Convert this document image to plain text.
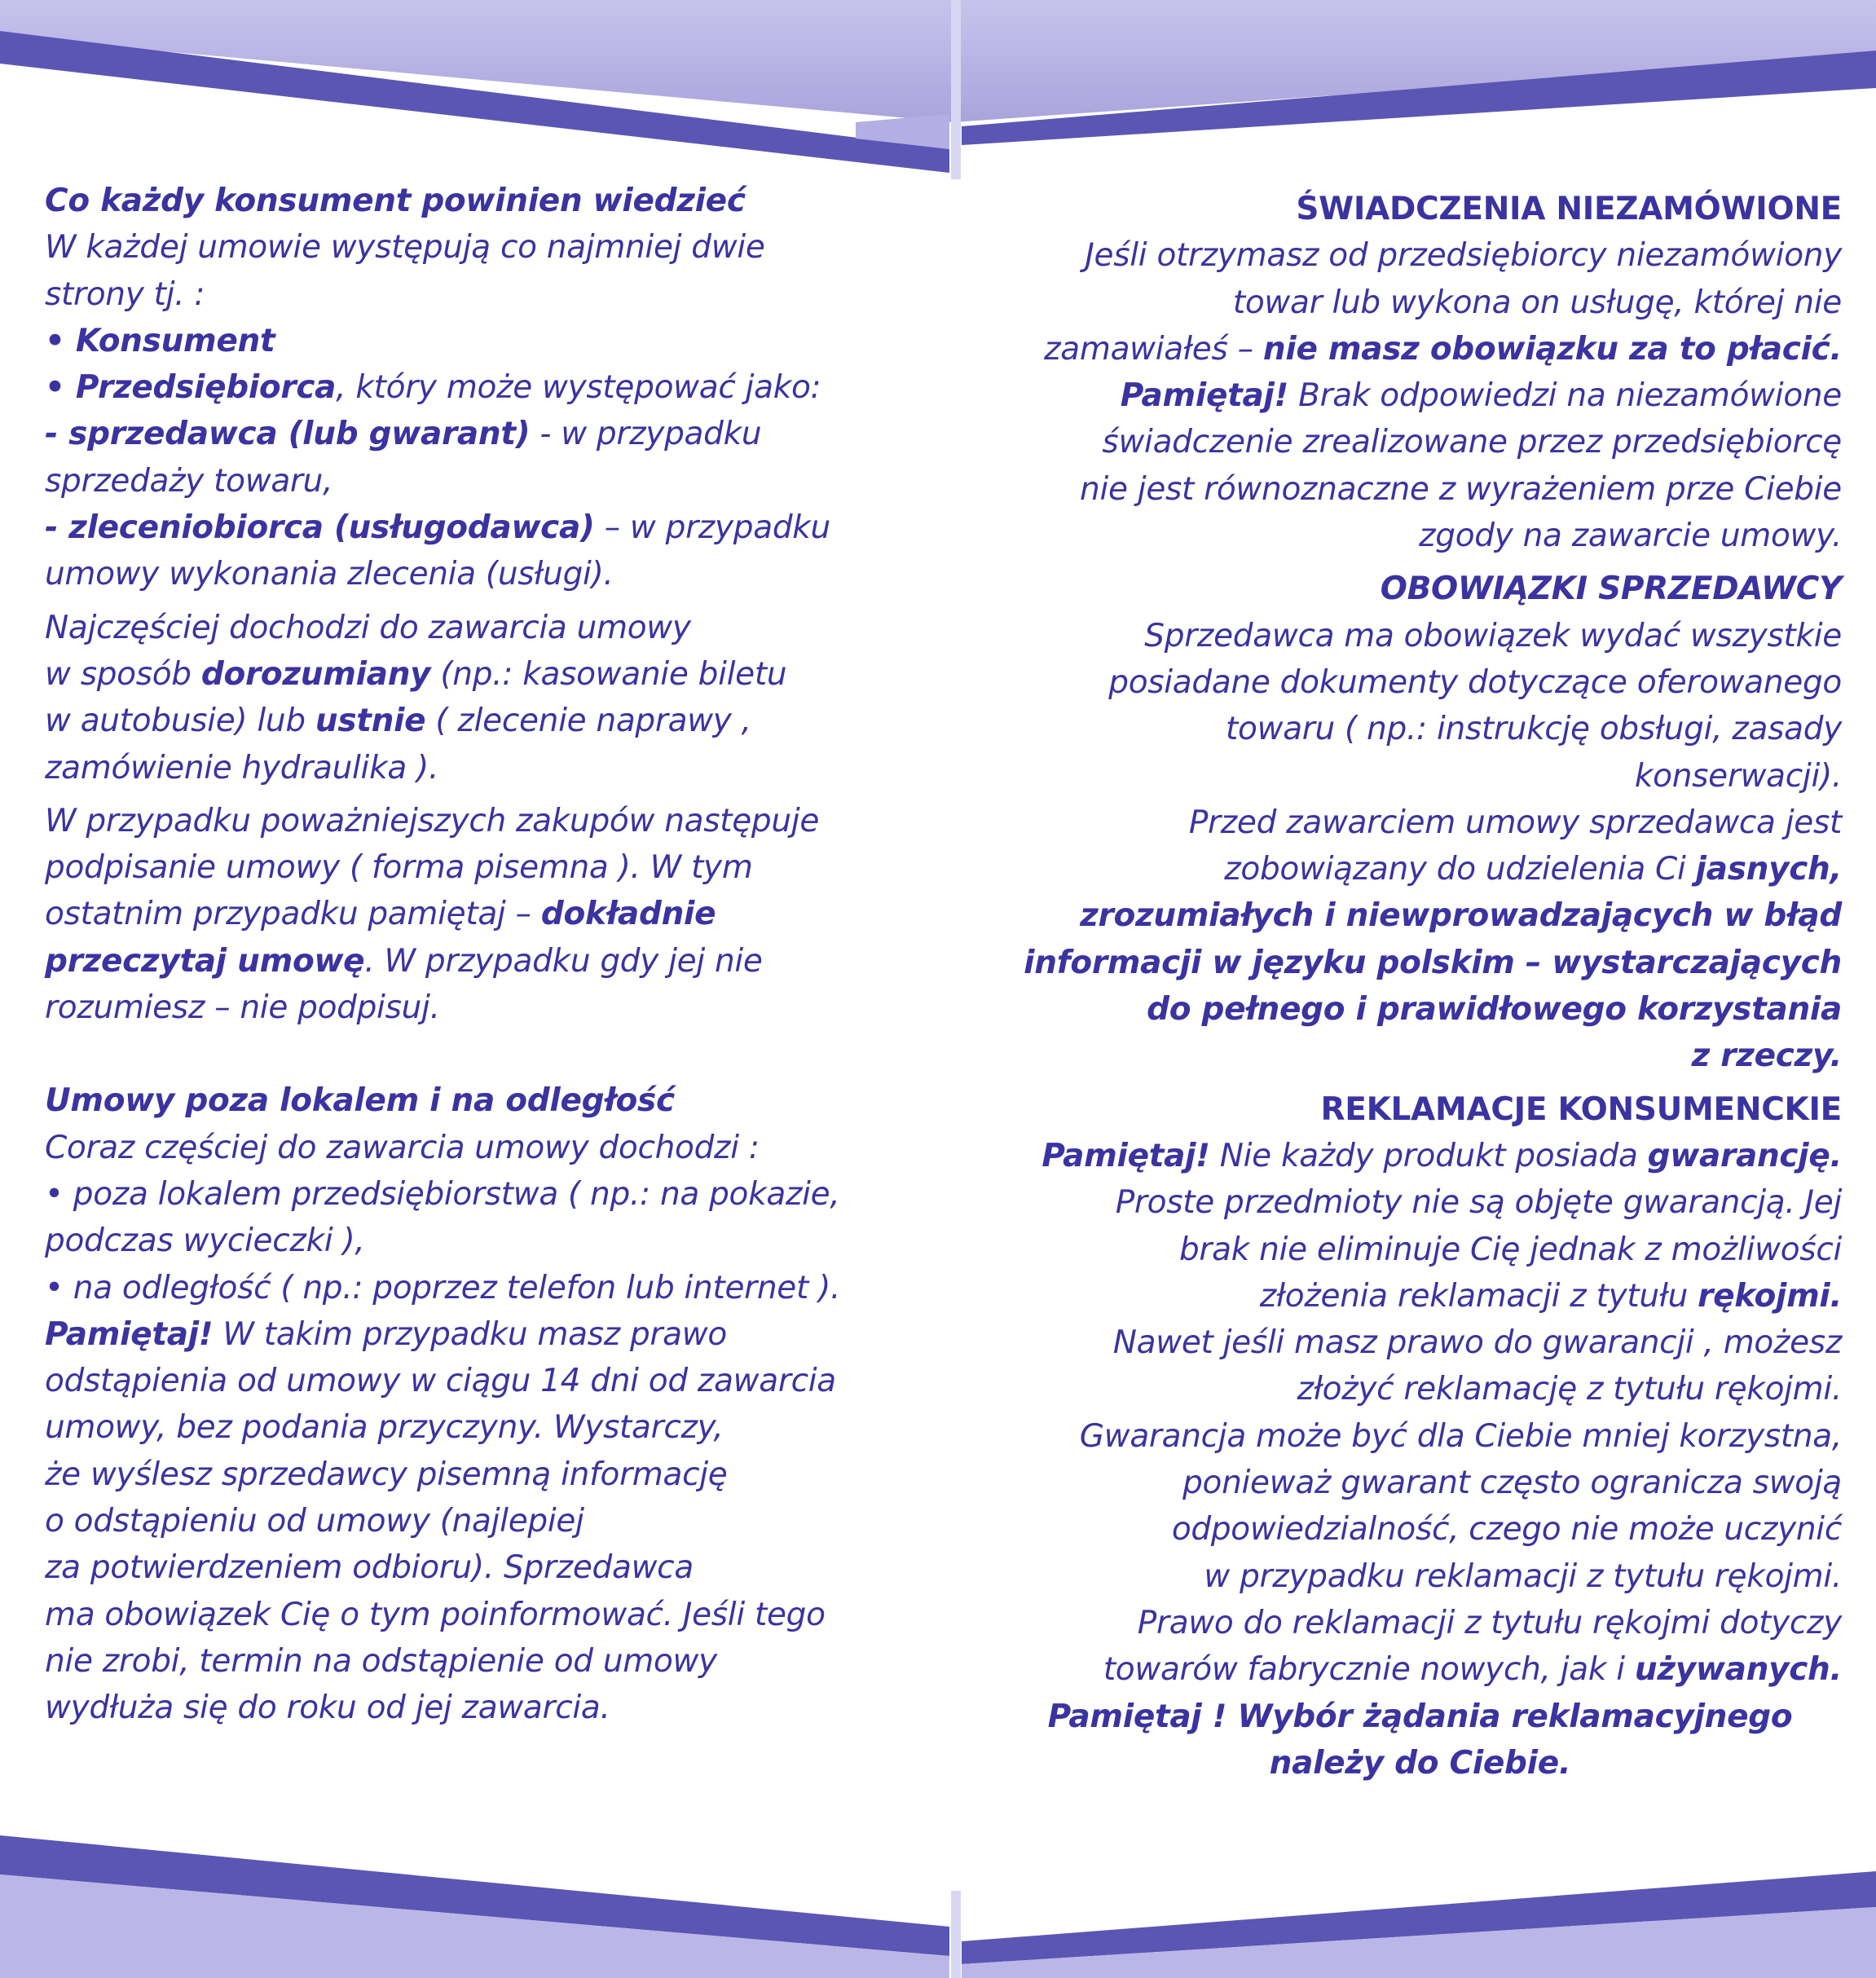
Co każdy konsument powinien wiedzieć

W każdej umowie występują co najmniej dwie

strony tj. :

• Konsument

• Przedsiębiorca, który może występować jako:

- sprzedawca (lub gwarant) - w przypadku

sprzedaży towaru,

- zleceniobiorca (usługodawca) – w przypadku

umowy wykonania zlecenia (usługi).

Najczęściej dochodzi do zawarcia umowy

w sposób dorozumiany (np.: kasowanie biletu

w autobusie) lub ustnie ( zlecenie naprawy ,

zamówienie hydraulika ).

W przypadku poważniejszych zakupów następuje

podpisanie umowy ( forma pisemna ). W tym

ostatnim przypadku pamiętaj – dokładnie

przeczytaj umowę. W przypadku gdy jej nie

rozumiesz – nie podpisuj.

Umowy poza lokalem i na odległość

Coraz częściej do zawarcia umowy dochodzi :

• poza lokalem przedsiębiorstwa ( np.: na pokazie,

podczas wycieczki ),

• na odległość ( np.: poprzez telefon lub internet ).

Pamiętaj! W takim przypadku masz prawo

odstąpienia od umowy w ciągu 14 dni od zawarcia

umowy, bez podania przyczyny. Wystarczy,

że wyślesz sprzedawcy pisemną informację

o odstąpieniu od umowy (najlepiej

za potwierdzeniem odbioru). Sprzedawca

ma obowiązek Cię o tym poinformować. Jeśli tego

nie zrobi, termin na odstąpienie od umowy

wydłuża się do roku od jej zawarcia.

ŚWIADCZENIA NIEZAMÓWIONE

Jeśli otrzymasz od przedsiębiorcy niezamówiony

towar lub wykona on usługę, której nie

zamawiałeś – nie masz obowiązku za to płacić.

Pamiętaj! Brak odpowiedzi na niezamówione

świadczenie zrealizowane przez przedsiębiorcę

nie jest równoznaczne z wyrażeniem prze Ciebie

zgody na zawarcie umowy.

OBOWIĄZKI SPRZEDAWCY

Sprzedawca ma obowiązek wydać wszystkie

posiadane dokumenty dotyczące oferowanego

towaru ( np.: instrukcję obsługi, zasady

konserwacji).

Przed zawarciem umowy sprzedawca jest

zobowiązany do udzielenia Ci jasnych,

zrozumiałych i niewprowadzających w błąd

informacji w języku polskim – wystarczających

do pełnego i prawidłowego korzystania

z rzeczy.

REKLAMACJE KONSUMENCKIE

Pamiętaj! Nie każdy produkt posiada gwarancję.

Proste przedmioty nie są objęte gwarancją. Jej

brak nie eliminuje Cię jednak z możliwości

złożenia reklamacji z tytułu rękojmi.

Nawet jeśli masz prawo do gwarancji , możesz

złożyć reklamację z tytułu rękojmi.

Gwarancja może być dla Ciebie mniej korzystna,

ponieważ gwarant często ogranicza swoją

odpowiedzialność, czego nie może uczynić

w przypadku reklamacji z tytułu rękojmi.

Prawo do reklamacji z tytułu rękojmi dotyczy

towarów fabrycznie nowych, jak i używanych.

Pamiętaj ! Wybór żądania reklamacyjnego

należy do Ciebie.
